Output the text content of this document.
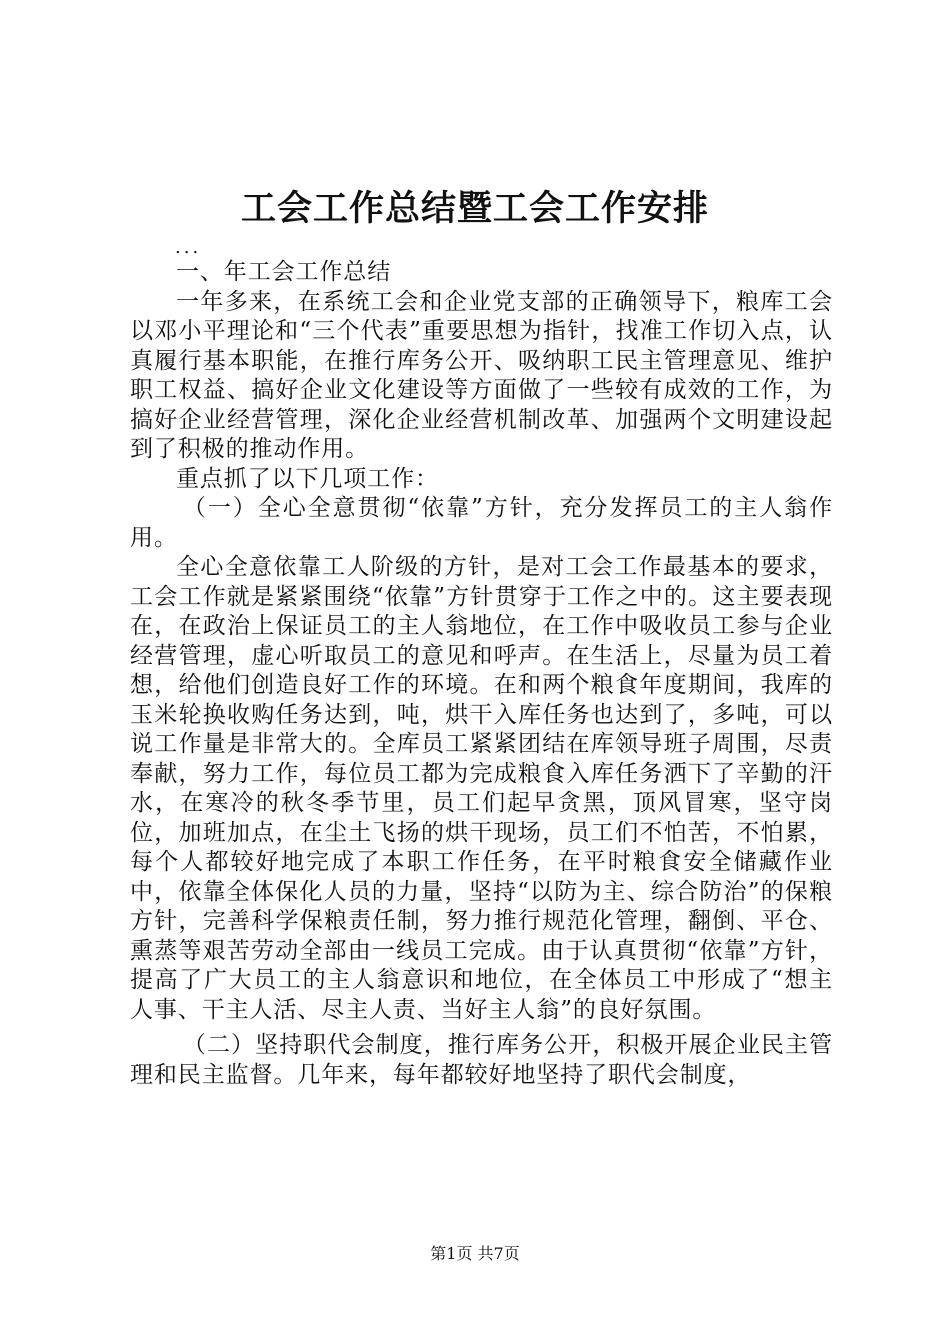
工会工作总结暨工会工作安排
...

一、年工会工作总结

一年多来，在系统工会和企业党支部的正确领导下，粮库工会以邓小平理论和“三个代表”重要思想为指针，找准工作切入点，认真履行基本职能，在推行库务公开、吸纳职工民主管理意见、维护职工权益、搞好企业文化建设等方面做了一些较有成效的工作，为搞好企业经营管理，深化企业经营机制改革、加强两个文明建设起到了积极的推动作用。

重点抓了以下几项工作：

（一）全心全意贯彻“依靠”方针，充分发挥员工的主人翁作用。

全心全意依靠工人阶级的方针，是对工会工作最基本的要求，工会工作就是紧紧围绕“依靠”方针贯穿于工作之中的。这主要表现在，在政治上保证员工的主人翁地位，在工作中吸收员工参与企业经营管理，虚心听取员工的意见和呼声。在生活上，尽量为员工着想，给他们创造良好工作的环境。在和两个粮食年度期间，我库的玉米轮换收购任务达到，吨，烘干入库任务也达到了，多吨，可以说工作量是非常大的。全库员工紧紧团结在库领导班子周围，尽责奉献，努力工作，每位员工都为完成粮食入库任务洒下了辛勤的汗水，在寒冷的秋冬季节里，员工们起早贪黑，顶风冒寒，坚守岗位，加班加点，在尘土飞扬的烘干现场，员工们不怕苦，不怕累，每个人都较好地完成了本职工作任务，在平时粮食安全储藏作业中，依靠全体保化人员的力量，坚持“以防为主、综合防治”的保粮方针，完善科学保粮责任制，努力推行规范化管理，翻倒、平仓、熏蒸等艰苦劳动全部由一线员工完成。由于认真贯彻“依靠”方针，提高了广大员工的主人翁意识和地位，在全体员工中形成了“想主人事、干主人活、尽主人责、当好主人翁”的良好氛围。

（二）坚持职代会制度，推行库务公开，积极开展企业民主管理和民主监督。几年来，每年都较好地坚持了职代会制度，

第1页 共7页
